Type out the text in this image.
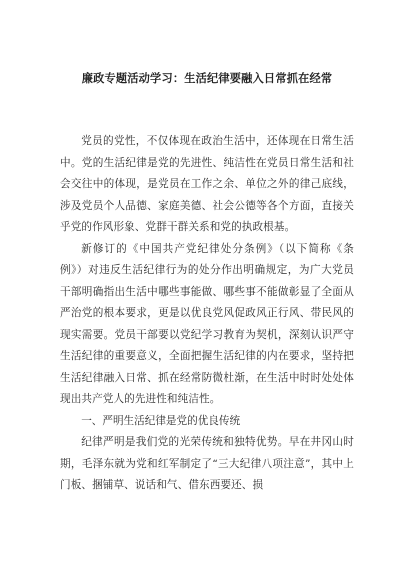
廉政专题活动学习：生活纪律要融入日常抓在经常

党员的党性，不仅体现在政治生活中，还体现在日常生活中。党的生活纪律是党的先进性、纯洁性在党员日常生活和社会交往中的体现，是党员在工作之余、单位之外的律己底线，涉及党员个人品德、家庭美德、社会公德等各个方面，直接关乎党的作风形象、党群干群关系和党的执政根基。

新修订的《中国共产党纪律处分条例》（以下简称《条例》）对违反生活纪律行为的处分作出明确规定，为广大党员干部明确指出生活中哪些事能做、哪些事不能做彰显了全面从严治党的根本要求，更是以优良党风促政风正行风、带民风的现实需要。党员干部要以党纪学习教育为契机，深刻认识严守生活纪律的重要意义，全面把握生活纪律的内在要求，坚持把生活纪律融入日常、抓在经常防微杜渐，在生活中时时处处体现出共产党人的先进性和纯洁性。

一、严明生活纪律是党的优良传统

纪律严明是我们党的光荣传统和独特优势。早在井冈山时期，毛泽东就为党和红军制定了“三大纪律八项注意”，其中上门板、捆铺草、说话和气、借东西要还、损
